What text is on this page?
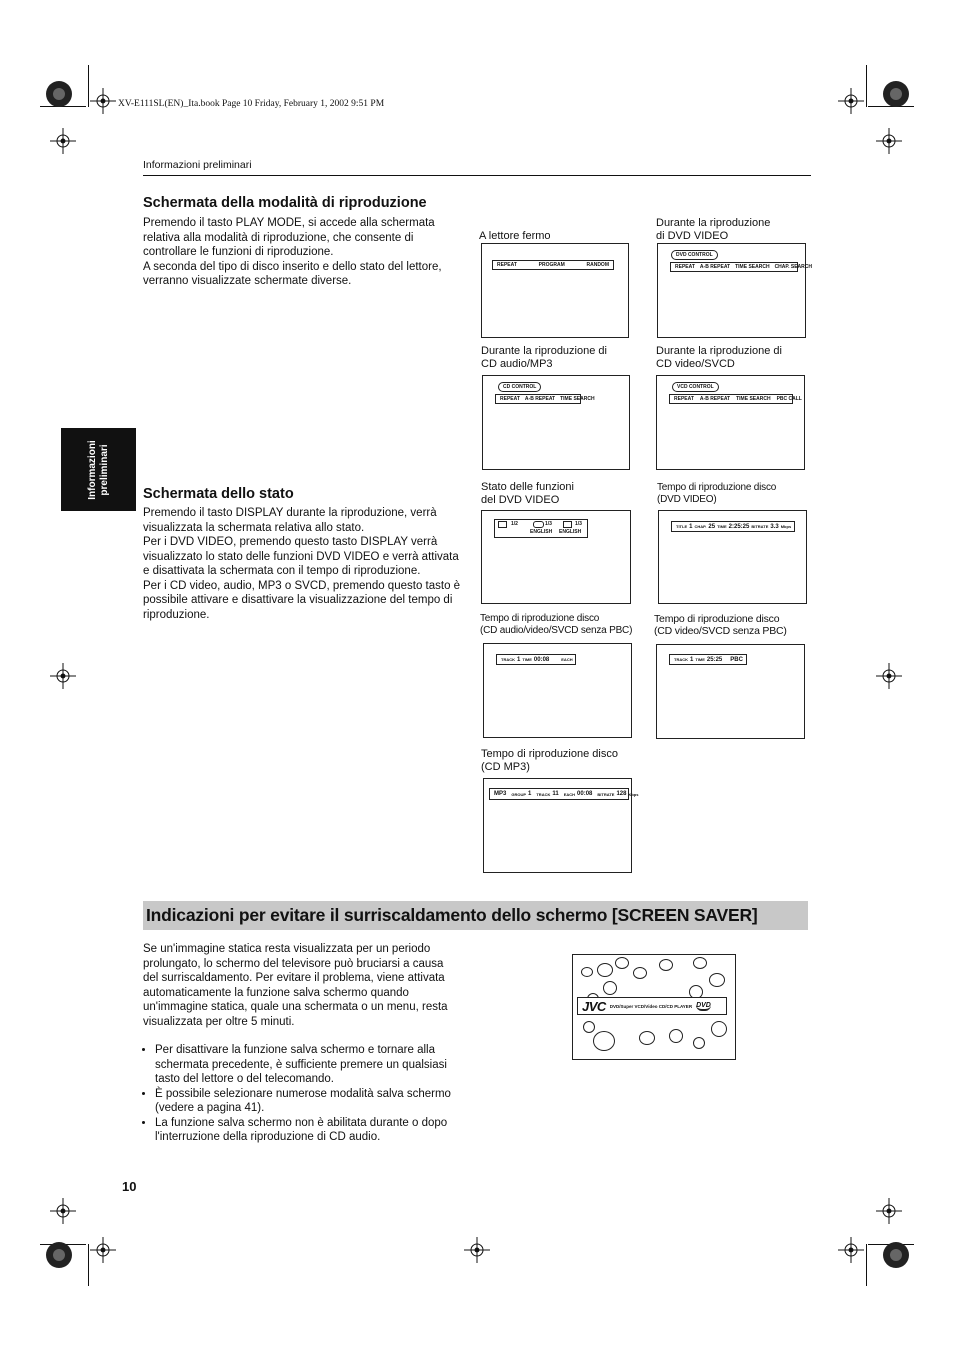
XV-E111SL(EN)_Ita.book Page 10 Friday, February 1, 2002 9:51 PM
Informazioni preliminari
Informazioni preliminari
Schermata della modalità di riproduzione

Premendo il tasto PLAY MODE, si accede alla schermata relativa alla modalità di riproduzione, che consente di controllare le funzioni di riproduzione.

A seconda del tipo di disco inserito e dello stato del lettore, verranno visualizzate schermate diverse.

Schermata dello stato

Premendo il tasto DISPLAY durante la riproduzione, verrà visualizzata la schermata relativa allo stato.

Per i DVD VIDEO, premendo questo tasto DISPLAY verrà visualizzato lo stato delle funzioni DVD VIDEO e verrà attivata e disattivata la schermata con il tempo di riproduzione.

Per i CD video, audio, MP3 o SVCD, premendo questo tasto è possibile attivare e disattivare la visualizzazione del tempo di riproduzione.

A lettore fermo
REPEAT	PROGRAM	RANDOM
Durante la riproduzione
di DVD VIDEO
DVD CONTROL
REPEAT A-B REPEAT TIME SEARCH CHAP. SEARCH
Durante la riproduzione di
CD audio/MP3
CD CONTROL
REPEAT A-B REPEAT TIME SEARCH
Durante la riproduzione di
CD video/SVCD
VCD CONTROL
REPEAT A-B REPEAT TIME SEARCH PBC CALL
Stato delle funzioni
del DVD VIDEO
1/2	1/3	1/3
ENGLISH ENGLISH
Tempo di riproduzione disco
(DVD VIDEO)
TITLE 1 CHAP. 25 TIME 2:25:25 BITRATE 3.3 Mbps
Tempo di riproduzione disco
(CD audio/video/SVCD senza PBC)
TRACK 1 TIME 00:08	EACH
Tempo di riproduzione disco
(CD video/SVCD senza PBC)
TRACK 1 TIME 25:25 PBC
Tempo di riproduzione disco
(CD MP3)
MP3 GROUP 1 TRACK 11 EACH 00:08 BITRATE 128 Kbps
Indicazioni per evitare il surriscaldamento dello schermo [SCREEN SAVER]

Se un'immagine statica resta visualizzata per un periodo prolungato, lo schermo del televisore può bruciarsi a causa del surriscaldamento. Per evitare il problema, viene attivata automaticamente la funzione salva schermo quando un'immagine statica, quale una schermata o un menu, resta visualizzata per oltre 5 minuti.

• Per disattivare la funzione salva schermo e tornare alla schermata precedente, è sufficiente premere un qualsiasi tasto del lettore o del telecomando.
• È possibile selezionare numerose modalità salva schermo (vedere a pagina 41).
• La funzione salva schermo non è abilitata durante o dopo l'interruzione della riproduzione di CD audio.
JVC DVD/Super VCD/Video CD/CD PLAYER DVD
10
